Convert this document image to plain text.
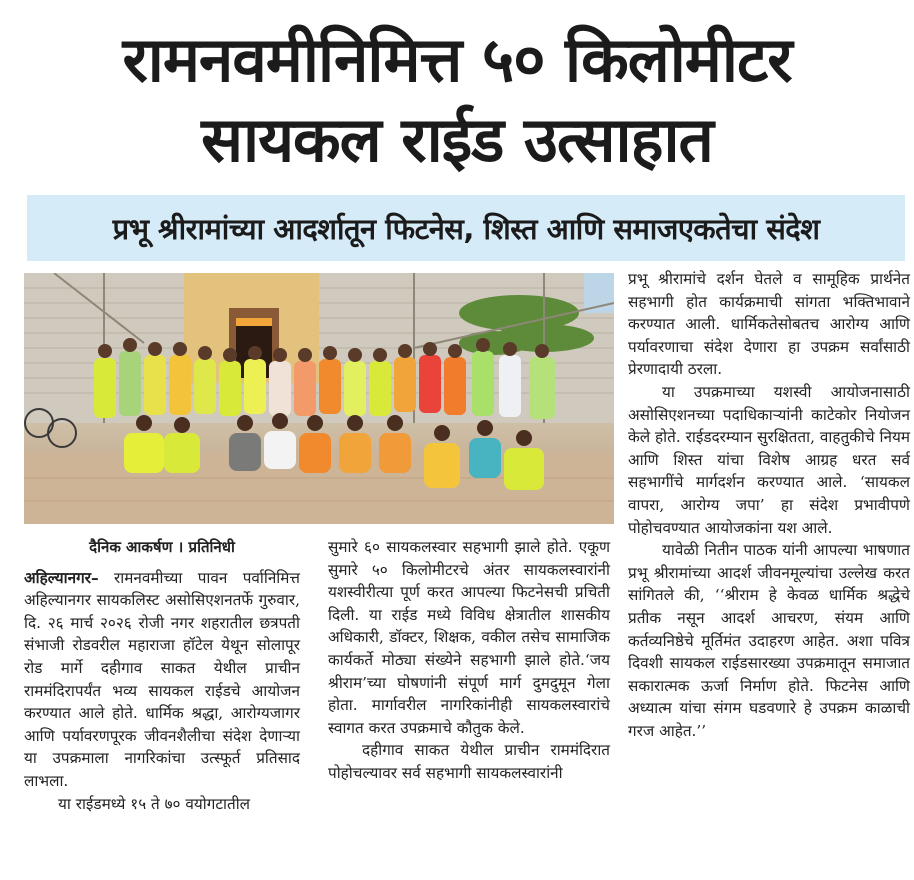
रामनवमीनिमित्त ५० किलोमीटर
सायकल राईड उत्साहात
प्रभू श्रीरामांच्या आदर्शातून फिटनेस, शिस्त आणि समाजएकतेचा संदेश

दैनिक आकर्षण । प्रतिनिधी

अहिल्यानगर– रामनवमीच्या पावन पर्वानिमित्त अहिल्यानगर सायकलिस्ट असोसिएशनतर्फे गुरुवार, दि. २६ मार्च २०२६ रोजी नगर शहरातील छत्रपती संभाजी रोडवरील महाराजा हॉटेल येथून सोलापूर रोड मार्गे दहीगाव साकत येथील प्राचीन राममंदिरापर्यंत भव्य सायकल राईडचे आयोजन करण्यात आले होते. धार्मिक श्रद्धा, आरोग्यजागर आणि पर्यावरणपूरक जीवनशैलीचा संदेश देणाऱ्या या उपक्रमाला नागरिकांचा उत्स्फूर्त प्रतिसाद लाभला.

या राईडमध्ये १५ ते ७० वयोगटातील

सुमारे ६० सायकलस्वार सहभागी झाले होते. एकूण सुमारे ५० किलोमीटरचे अंतर सायकलस्वारांनी यशस्वीरीत्या पूर्ण करत आपल्या फिटनेसची प्रचिती दिली. या राईड मध्ये विविध क्षेत्रातील शासकीय अधिकारी, डॉक्टर, शिक्षक, वकील तसेच सामाजिक कार्यकर्ते मोठ्या संख्येने सहभागी झाले होते.‘जय श्रीराम’च्या घोषणांनी संपूर्ण मार्ग दुमदुमून गेला होता. मार्गावरील नागरिकांनीही सायकलस्वारांचे स्वागत करत उपक्रमाचे कौतुक केले.

दहीगाव साकत येथील प्राचीन राममंदिरात पोहोचल्यावर सर्व सहभागी सायकलस्वारांनी

प्रभू श्रीरामांचे दर्शन घेतले व सामूहिक प्रार्थनेत सहभागी होत कार्यक्रमाची सांगता भक्तिभावाने करण्यात आली. धार्मिकतेसोबतच आरोग्य आणि पर्यावरणाचा संदेश देणारा हा उपक्रम सर्वांसाठी प्रेरणादायी ठरला.

या उपक्रमाच्या यशस्वी आयोजनासाठी असोसिएशनच्या पदाधिकाऱ्यांनी काटेकोर नियोजन केले होते. राईडदरम्यान सुरक्षितता, वाहतुकीचे नियम आणि शिस्त यांचा विशेष आग्रह धरत सर्व सहभागींचे मार्गदर्शन करण्यात आले. ‘सायकल वापरा, आरोग्य जपा’ हा संदेश प्रभावीपणे पोहोचवण्यात आयोजकांना यश आले.

यावेळी नितीन पाठक यांनी आपल्या भाषणात प्रभू श्रीरामांच्या आदर्श जीवनमूल्यांचा उल्लेख करत सांगितले की, ‘‘श्रीराम हे केवळ धार्मिक श्रद्धेचे प्रतीक नसून आदर्श आचरण, संयम आणि कर्तव्यनिष्ठेचे मूर्तिमंत उदाहरण आहेत. अशा पवित्र दिवशी सायकल राईडसारख्या उपक्रमातून समाजात सकारात्मक ऊर्जा निर्माण होते. फिटनेस आणि अध्यात्म यांचा संगम घडवणारे हे उपक्रम काळाची गरज आहेत.’’
